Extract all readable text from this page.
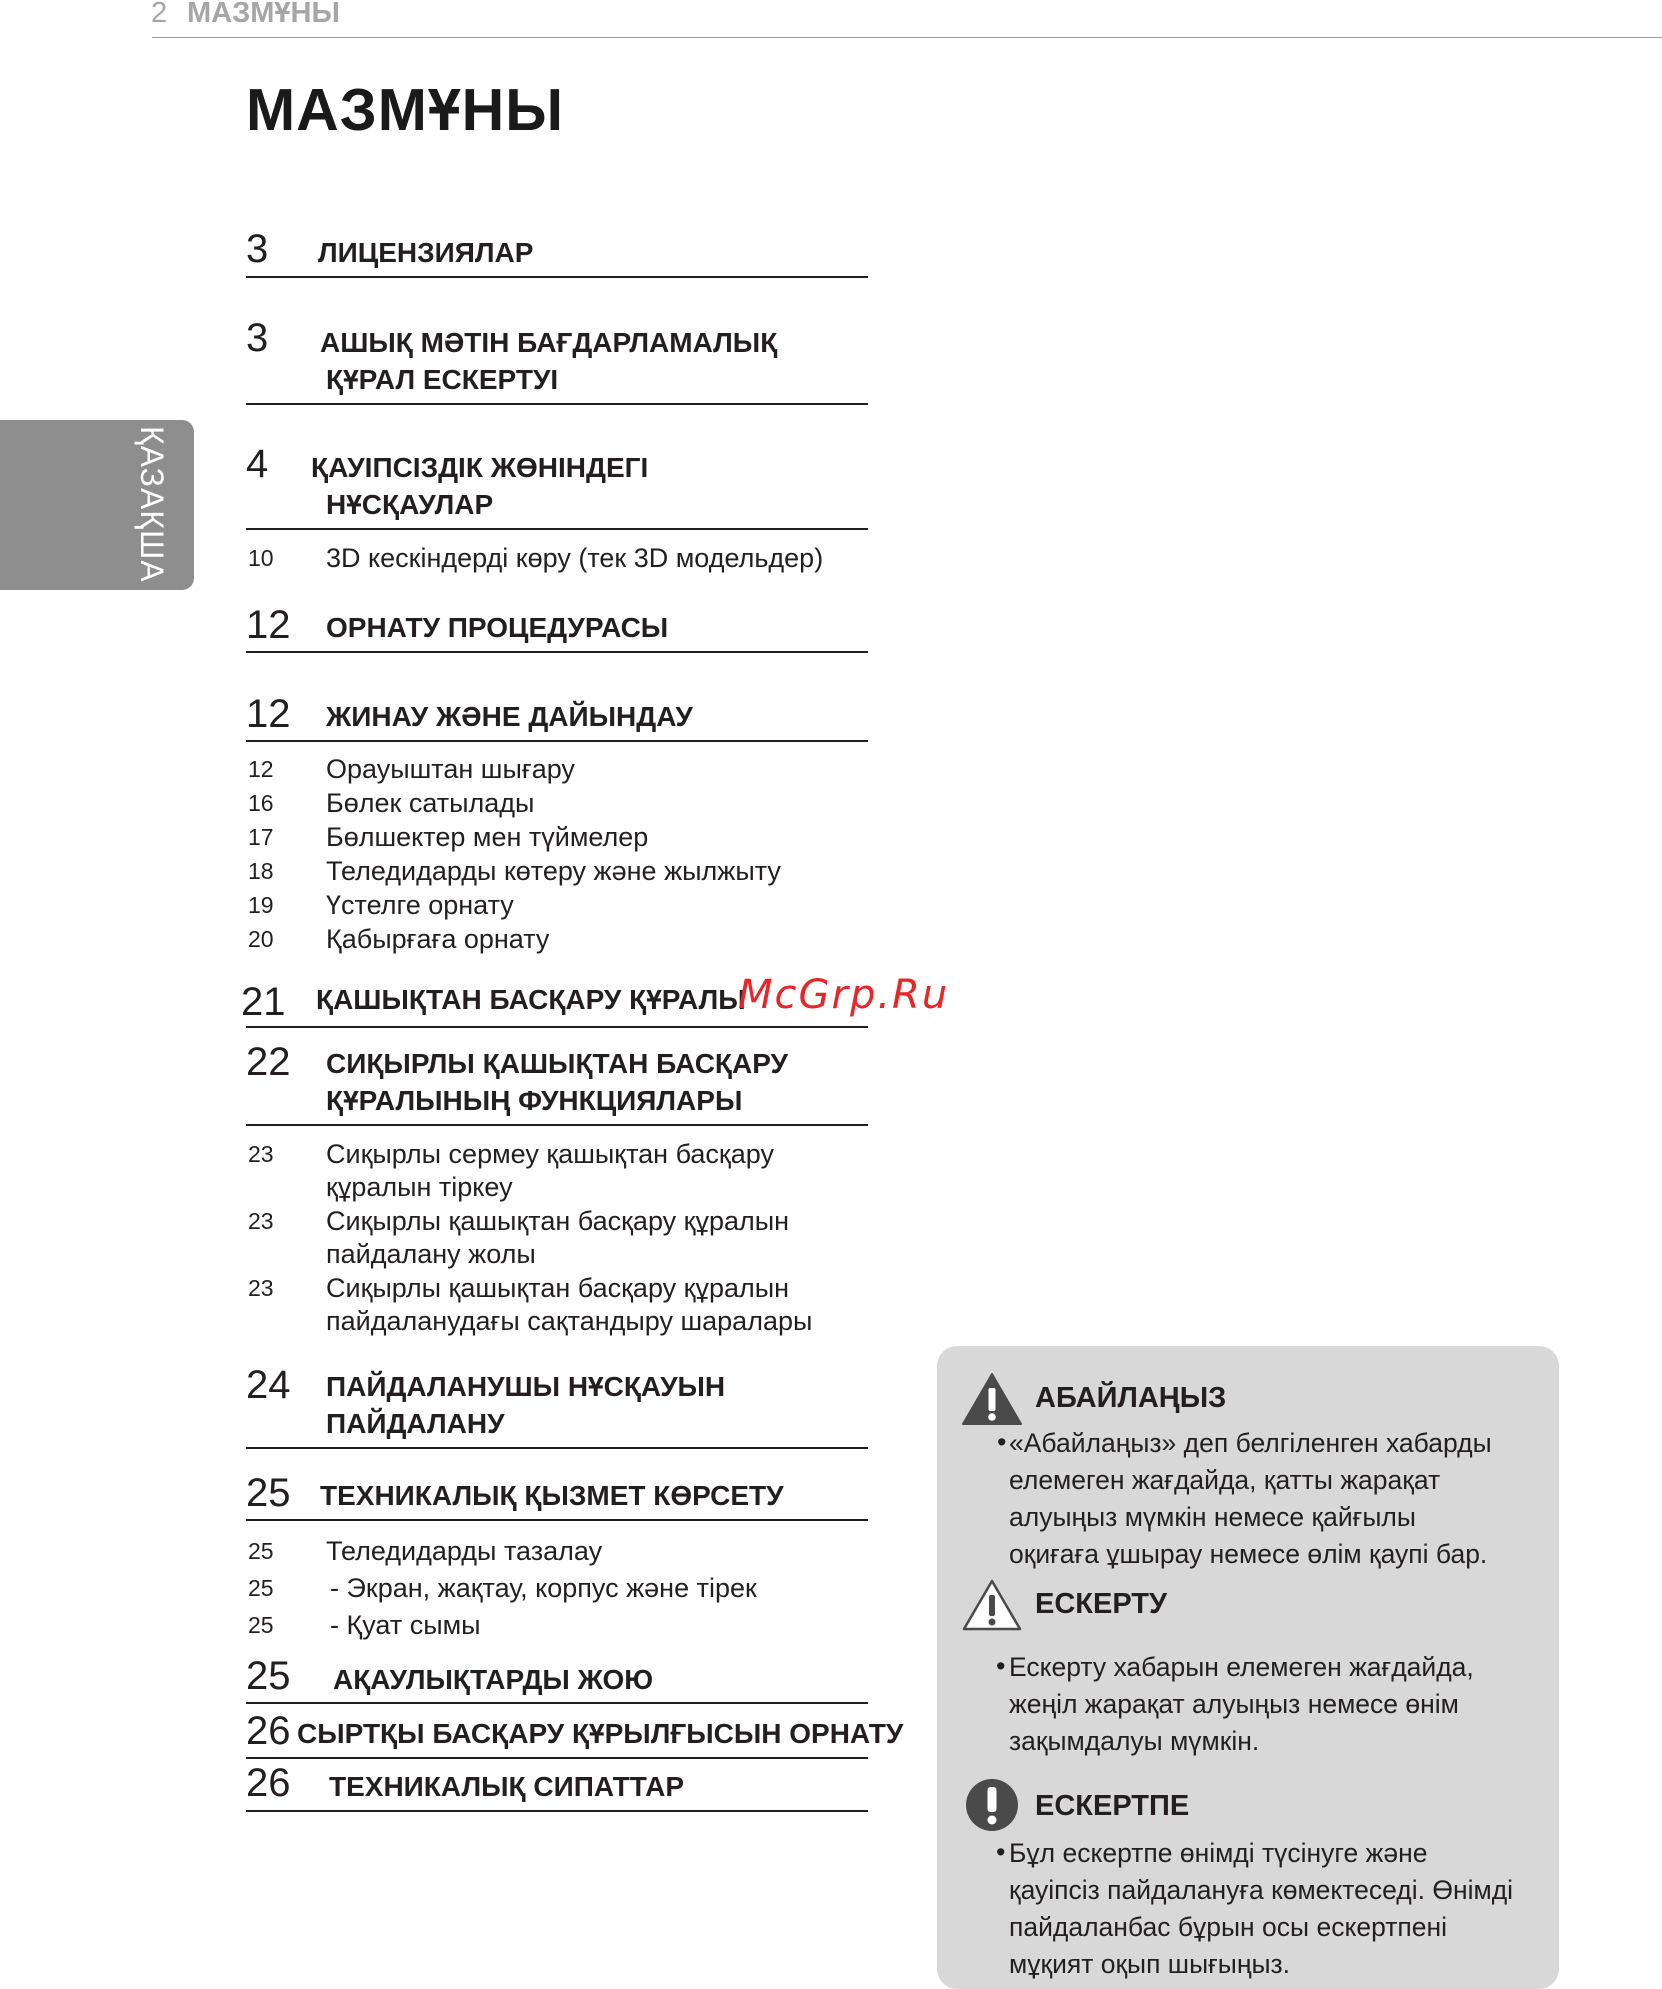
2 МАЗМҰНЫ
МАЗМҰНЫ
ҚАЗАҚША
3 ЛИЦЕНЗИЯЛАР
3 АШЫҚ МӘТІН БАҒДАРЛАМАЛЫҚ
ҚҰРАЛ ЕСКЕРТУІ
4 ҚАУІПСІЗДІК ЖӨНІНДЕГІ
НҰСҚАУЛАР
10 3D кескіндерді көру (тек 3D модельдер)
12 ОРНАТУ ПРОЦЕДУРАСЫ
12 ЖИНАУ ЖӘНЕ ДАЙЫНДАУ
12 Орауыштан шығару
16 Бөлек сатылады
17 Бөлшектер мен түймелер
18 Теледидарды көтеру және жылжыту
19 Үстелге орнату
20 Қабырғаға орнату
21 ҚАШЫҚТАН БАСҚАРУ ҚҰРАЛЫ
McGrp.Ru
22 СИҚЫРЛЫ ҚАШЫҚТАН БАСҚАРУ
ҚҰРАЛЫНЫҢ ФУНКЦИЯЛАРЫ
23 Сиқырлы сермеу қашықтан басқару
құралын тіркеу
23 Сиқырлы қашықтан басқару құралын
пайдалану жолы
23 Сиқырлы қашықтан басқару құралын
пайдаланудағы сақтандыру шаралары
24 ПАЙДАЛАНУШЫ НҰСҚАУЫН
ПАЙДАЛАНУ
25 ТЕХНИКАЛЫҚ ҚЫЗМЕТ КӨРСЕТУ
25 Теледидарды тазалау
25 - Экран, жақтау, корпус және тірек
25 - Қуат сымы
25 АҚАУЛЫҚТАРДЫ ЖОЮ
26 СЫРТҚЫ БАСҚАРУ ҚҰРЫЛҒЫСЫН ОРНАТУ
26 ТЕХНИКАЛЫҚ СИПАТТАР
АБАЙЛАҢЫЗ
• «Абайлаңыз» деп белгіленген хабарды
елемеген жағдайда, қатты жарақат
алуыңыз мүмкін немесе қайғылы
оқиғаға ұшырау немесе өлім қаупі бар.
ЕСКЕРТУ
• Ескерту хабарын елемеген жағдайда,
жеңіл жарақат алуыңыз немесе өнім
зақымдалуы мүмкін.
ЕСКЕРТПЕ
• Бұл ескертпе өнімді түсінуге және
қауіпсіз пайдалануға көмектеседі. Өнімді
пайдаланбас бұрын осы ескертпені
мұқият оқып шығыңыз.
